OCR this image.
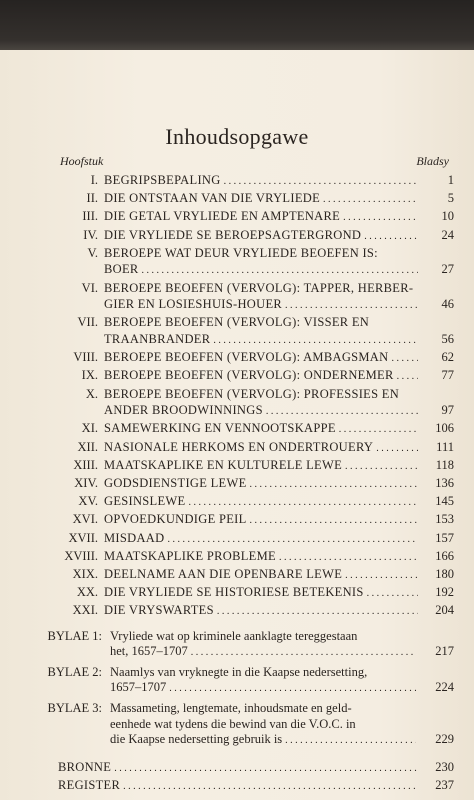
Inhoudsopgawe
Hoofstuk	Bladsy
I. BEGRIPSBEPALING . . .	1
II. DIE ONTSTAAN VAN DIE VRYLIEDE . . .	5
III. DIE GETAL VRYLIEDE EN AMPTENARE . . .	10
IV. DIE VRYLIEDE SE BEROEPSAGTERGROND . . .	24
V. BEROEPE WAT DEUR VRYLIEDE BEOEFEN IS:
BOER . . .	27
VI. BEROEPE BEOEFEN (VERVOLG): TAPPER, HERBER-
GIER EN LOSIESHUIS-HOUER . . .	46
VII. BEROEPE BEOEFEN (VERVOLG): VISSER EN
TRAANBRANDER . . .	56
VIII. BEROEPE BEOEFEN (VERVOLG): AMBAGSMAN . . .	62
IX. BEROEPE BEOEFEN (VERVOLG): ONDERNEMER . . .	77
X. BEROEPE BEOEFEN (VERVOLG): PROFESSIES EN
ANDER BROODWINNINGS . . .	97
XI. SAMEWERKING EN VENNOOTSKAPPE . . .	106
XII. NASIONALE HERKOMS EN ONDERTROUERY . . .	111
XIII. MAATSKAPLIKE EN KULTURELE LEWE . . .	118
XIV. GODSDIENSTIGE LEWE . . .	136
XV. GESINSLEWE . . .	145
XVI. OPVOEDKUNDIGE PEIL . . .	153
XVII. MISDAAD . . .	157
XVIII. MAATSKAPLIKE PROBLEME . . .	166
XIX. DEELNAME AAN DIE OPENBARE LEWE . . .	180
XX. DIE VRYLIEDE SE HISTORIESE BETEKENIS . . .	192
XXI. DIE VRYSWARTES . . .	204
BYLAE 1: Vryliede wat op kriminele aanklagte tereggestaan
het, 1657–1707 . . .	217
BYLAE 2: Naamlys van vryknegte in die Kaapse nedersetting,
1657–1707 . . .	224
BYLAE 3: Massameting, lengtemate, inhoudsmate en geld-
eenhede wat tydens die bewind van die V.O.C. in
die Kaapse nedersetting gebruik is . . .	229
BRONNE . . .	230
REGISTER . . .	237
